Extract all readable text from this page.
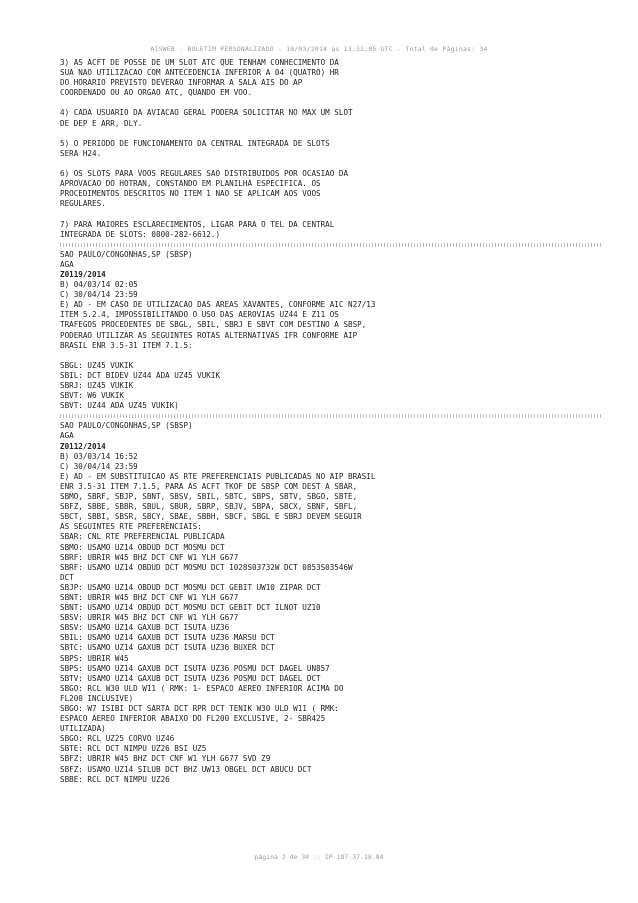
AISWEB - BOLETIM PERSONALIZADO - 18/03/2014 as 13:32:05 UTC - Total de Páginas: 34
3) AS ACFT DE POSSE DE UM SLOT ATC QUE TENHAM CONHECIMENTO DA
SUA NAO UTILIZACAO COM ANTECEDENCIA INFERIOR A 04 (QUATRO) HR
DO HORARIO PREVISTO DEVERAO INFORMAR A SALA AIS DO AP
COORDENADO OU AO ORGAO ATC, QUANDO EM VOO.
4) CADA USUARIO DA AVIACAO GERAL PODERA SOLICITAR NO MAX UM SLOT
DE DEP E ARR, DLY.
5) O PERIODO DE FUNCIONAMENTO DA CENTRAL INTEGRADA DE SLOTS
SERA H24.
6) OS SLOTS PARA VOOS REGULARES SAO DISTRIBUIDOS POR OCASIAO DA
APROVACAO DO HOTRAN, CONSTANDO EM PLANILHA ESPECIFICA. OS
PROCEDIMENTOS DESCRITOS NO ITEM 1 NAO SE APLICAM AOS VOOS
REGULARES.
7) PARA MAIORES ESCLARECIMENTOS, LIGAR PARA O TEL DA CENTRAL
INTEGRADA DE SLOTS: 0800-282-6612.)
SAO PAULO/CONGONHAS,SP (SBSP)
AGA
Z0119/2014
B) 04/03/14 02:05
C) 30/04/14 23:59
E) AD - EM CASO DE UTILIZACAO DAS AREAS XAVANTES, CONFORME AIC N27/13
ITEM 5.2.4, IMPOSSIBILITANDO O USO DAS AEROVIAS UZ44 E Z11 OS
TRAFEGOS PROCEDENTES DE SBGL, SBIL, SBRJ E SBVT COM DESTINO A SBSP,
PODERAO UTILIZAR AS SEGUINTES ROTAS ALTERNATIVAS IFR CONFORME AIP
BRASIL ENR 3.5-31 ITEM 7.1.5:
SBGL: UZ45 VUKIK
SBIL: DCT BIDEV UZ44 ADA UZ45 VUKIK
SBRJ: UZ45 VUKIK
SBVT: W6 VUKIK
SBVT: UZ44 ADA UZ45 VUKIK)
SAO PAULO/CONGONHAS,SP (SBSP)
AGA
Z0112/2014
B) 03/03/14 16:52
C) 30/04/14 23:59
E) AD - EM SUBSTITUICAO AS RTE PREFERENCIAIS PUBLICADAS NO AIP BRASIL
ENR 3.5-31 ITEM 7.1.5, PARA AS ACFT TKOF DE SBSP COM DEST A SBAR,
SBMO, SBRF, SBJP, SBNT, SBSV, SBIL, SBTC, SBPS, SBTV, SBGO, SBTE,
SBFZ, SBBE, SBBR, SBUL, SBUR, SBRP, SBJV, SBPA, SBCX, SBNF, SBFL,
SBCT, SBBI, SBSR, SBCY, SBAE, SBBH, SBCF, SBGL E SBRJ DEVEM SEGUIR
AS SEGUINTES RTE PREFERENCIAIS:
SBAR: CNL RTE PREFERENCIAL PUBLICADA
SBMO: USAMO UZ14 OBDUD DCT MOSMU DCT
SBRF: UBRIR W45 BHZ DCT CNF W1 YLH G677
SBRF: USAMO UZ14 OBDUD DCT MOSMU DCT 1028S03732W DCT 0853S03546W
DCT
SBJP: USAMO UZ14 OBDUD DCT MOSMU DCT GEBIT UW10 ZIPAR DCT
SBNT: UBRIR W45 BHZ DCT CNF W1 YLH G677
SBNT: USAMO UZ14 OBDUD DCT MOSMU DCT GEBIT DCT ILNOT UZ10
SBSV: UBRIR W45 BHZ DCT CNF W1 YLH G677
SBSV: USAMO UZ14 GAXUB DCT ISUTA UZ36
SBIL: USAMO UZ14 GAXUB DCT ISUTA UZ36 MARSU DCT
SBTC: USAMO UZ14 GAXUB DCT ISUTA UZ36 BUXER DCT
SBPS: UBRIR W45
SBPS: USAMO UZ14 GAXUB DCT ISUTA UZ36 POSMU DCT DAGEL UN857
SBTV: USAMO UZ14 GAXUB DCT ISUTA UZ36 POSMU DCT DAGEL DCT
SBGO: RCL W30 ULD W11 ( RMK: 1- ESPACO AEREO INFERIOR ACIMA DO
FL200 INCLUSIVE)
SBGO: W7 ISIBI DCT SARTA DCT RPR DCT TENIK W30 ULD W11 ( RMK:
ESPACO AEREO INFERIOR ABAIXO DO FL200 EXCLUSIVE, 2- SBR425
UTILIZADA)
SBGO: RCL UZ25 CORVO UZ46
SBTE: RCL DCT NIMPU UZ26 BSI UZ5
SBFZ: UBRIR W45 BHZ DCT CNF W1 YLH G677 SVD Z9
SBFZ: USAMO UZ14 SILUB DCT BHZ UW13 OBGEL DCT ABUCU DCT
SBBE: RCL DCT NIMPU UZ26
página 2 de 34 :: IP 187.37.18.84
